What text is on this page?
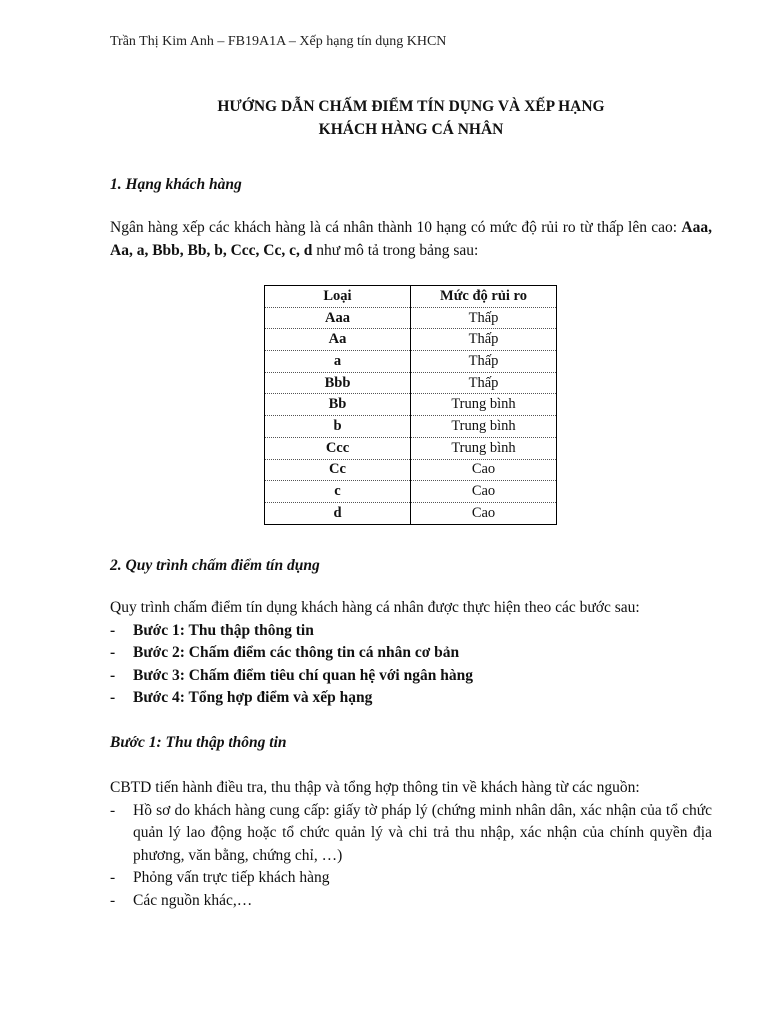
Trần Thị Kim Anh – FB19A1A – Xếp hạng tín dụng KHCN
HƯỚNG DẪN CHẤM ĐIỂM TÍN DỤNG VÀ XẾP HẠNG
KHÁCH HÀNG CÁ NHÂN
1. Hạng khách hàng
Ngân hàng xếp các khách hàng là cá nhân thành 10 hạng có mức độ rủi ro từ thấp lên cao: Aaa, Aa, a, Bbb, Bb, b, Ccc, Cc, c, d như mô tả trong bảng sau:
Loại	Mức độ rủi ro
Aaa	Thấp
Aa	Thấp
a	Thấp
Bbb	Thấp
Bb	Trung bình
b	Trung bình
Ccc	Trung bình
Cc	Cao
c	Cao
d	Cao
2. Quy trình chấm điểm tín dụng
Quy trình chấm điểm tín dụng khách hàng cá nhân được thực hiện theo các bước sau:
- Bước 1: Thu thập thông tin
- Bước 2: Chấm điểm các thông tin cá nhân cơ bản
- Bước 3: Chấm điểm tiêu chí quan hệ với ngân hàng
- Bước 4: Tổng hợp điểm và xếp hạng
Bước 1: Thu thập thông tin
CBTD tiến hành điều tra, thu thập và tổng hợp thông tin về khách hàng từ các nguồn:
- Hồ sơ do khách hàng cung cấp: giấy tờ pháp lý (chứng minh nhân dân, xác nhận của tổ chức quản lý lao động hoặc tổ chức quản lý và chi trả thu nhập, xác nhận của chính quyền địa phương, văn bằng, chứng chỉ, …)
- Phỏng vấn trực tiếp khách hàng
- Các nguồn khác,…
